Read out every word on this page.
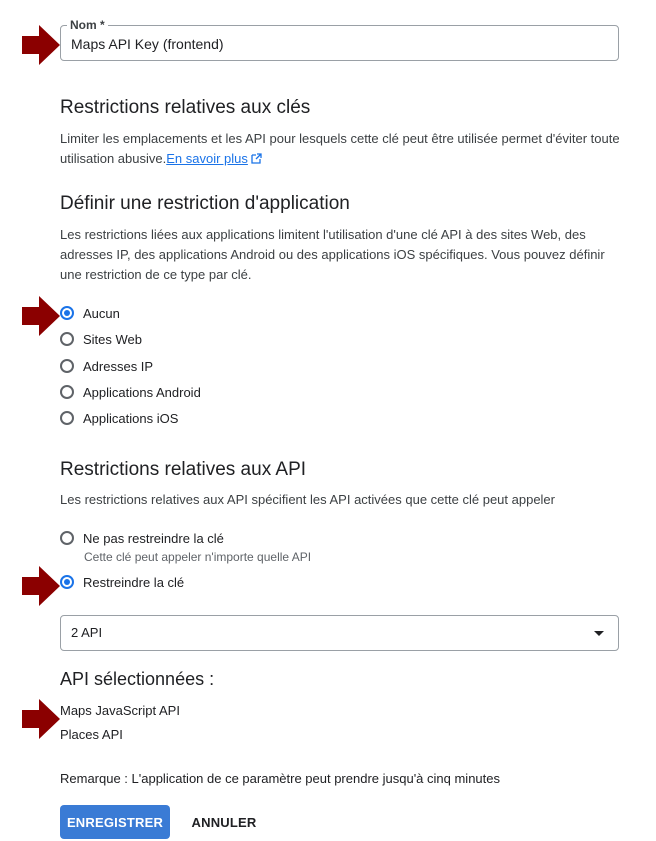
Nom *
Maps API Key (frontend)
Restrictions relatives aux clés
Limiter les emplacements et les API pour lesquels cette clé peut être utilisée permet d'éviter toute utilisation abusive.En savoir plus
Définir une restriction d'application
Les restrictions liées aux applications limitent l'utilisation d'une clé API à des sites Web, des adresses IP, des applications Android ou des applications iOS spécifiques. Vous pouvez définir une restriction de ce type par clé.
Aucun
Sites Web
Adresses IP
Applications Android
Applications iOS
Restrictions relatives aux API
Les restrictions relatives aux API spécifient les API activées que cette clé peut appeler
Ne pas restreindre la clé
Cette clé peut appeler n'importe quelle API
Restreindre la clé
2 API
API sélectionnées :
Maps JavaScript API
Places API
Remarque : L'application de ce paramètre peut prendre jusqu'à cinq minutes
ENREGISTRER	ANNULER
